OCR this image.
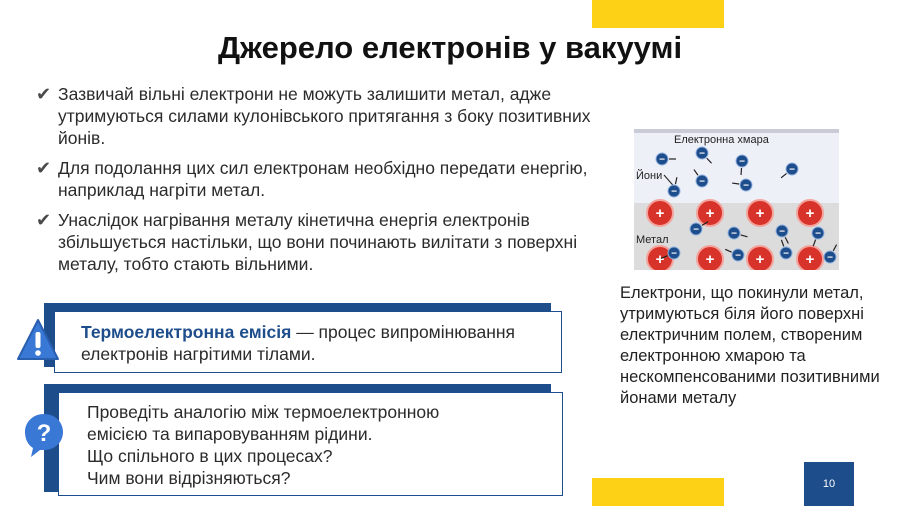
Джерело електронів у вакуумі
✔ Зазвичай вільні електрони не можуть залишити метал, адже утримуються силами кулонівського притягання з боку позитивних йонів.
✔ Для подолання цих сил електронам необхідно передати енергію, наприклад нагріти метал.
✔ Унаслідок нагрівання металу кінетична енергія електронів збільшується настільки, що вони починають вилітати з поверхні металу, тобто стають вільними.
Термоелектронна емісія — процес випромінювання електронів нагрітими тілами.
Проведіть аналогію між термоелектронною
емісією та випаровуванням рідини.
Що спільного в цих процесах?
Чим вони відрізняються?
?
Електронна хмара
Йони
Метал
+	+	+	+
+	+	+	+
−
−
−
−
−
−
−
−	−	−	−
−	−	−	−
Електрони, що покинули метал, утримуються біля його поверхні електричним полем, створеним електронною хмарою та нескомпенсованими позитивними йонами металу
10
